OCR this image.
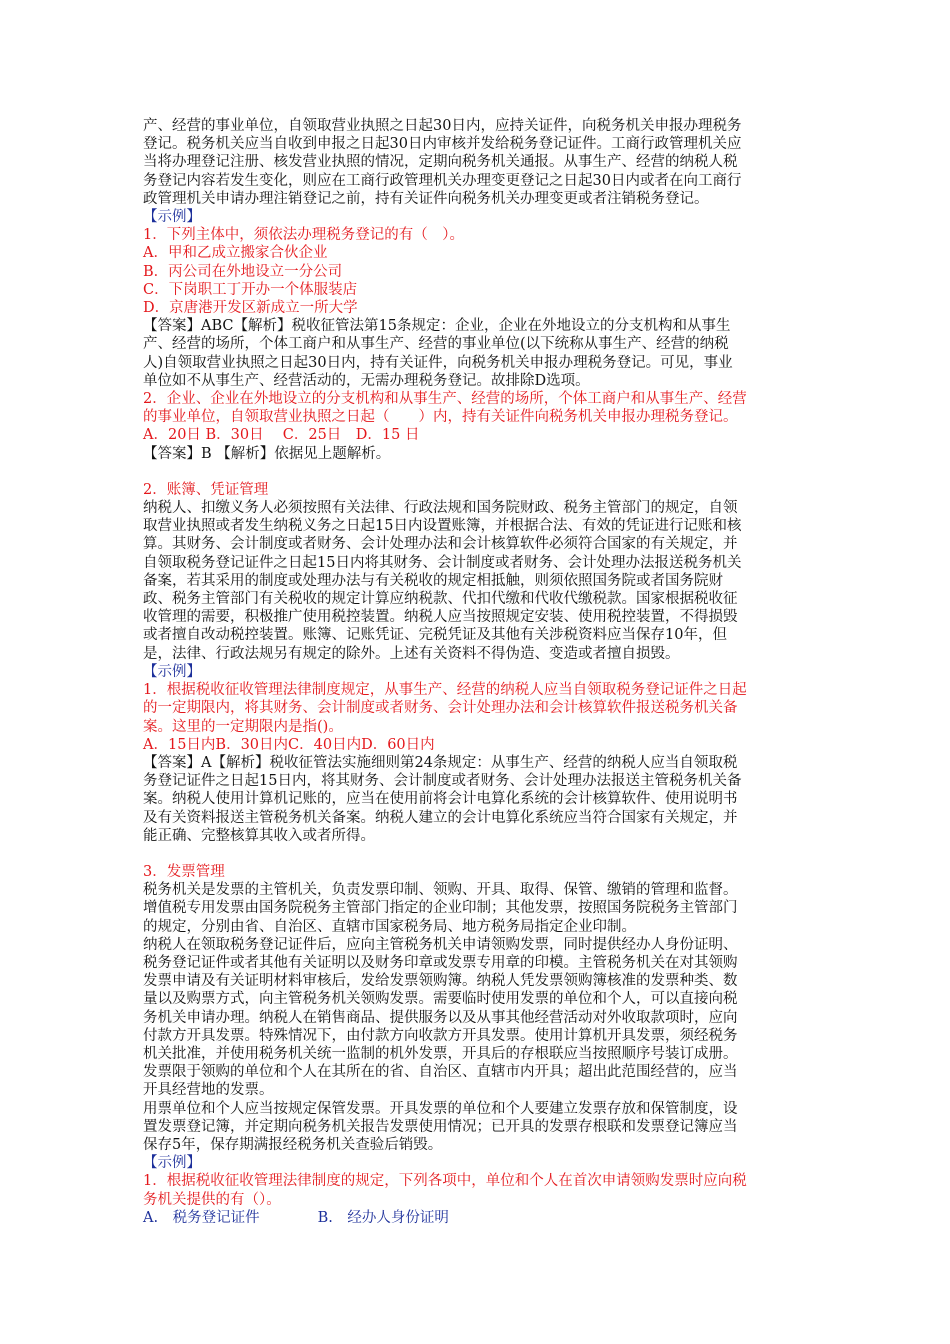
产、经营的事业单位，自领取营业执照之日起30日内，应持关证件，向税务机关申报办理税务
登记。税务机关应当自收到申报之日起30日内审核并发给税务登记证件。工商行政管理机关应
当将办理登记注册、核发营业执照的情况，定期向税务机关通报。从事生产、经营的纳税人税
务登记内容若发生变化，则应在工商行政管理机关办理变更登记之日起30日内或者在向工商行
政管理机关申请办理注销登记之前，持有关证件向税务机关办理变更或者注销税务登记。
【示例】
1．下列主体中，须依法办理税务登记的有（　）。
A．甲和乙成立搬家合伙企业
B．丙公司在外地设立一分公司
C．下岗职工丁开办一个体服装店
D．京唐港开发区新成立一所大学
【答案】ABC【解析】税收征管法第15条规定：企业，企业在外地设立的分支机构和从事生
产、经营的场所，个体工商户和从事生产、经营的事业单位(以下统称从事生产、经营的纳税
人)自领取营业执照之日起30日内，持有关证件，向税务机关申报办理税务登记。可见，事业
单位如不从事生产、经营活动的，无需办理税务登记。故排除D选项。
2．企业、企业在外地设立的分支机构和从事生产、经营的场所，个体工商户和从事生产、经营
的事业单位，自领取营业执照之日起（　　）内，持有关证件向税务机关申报办理税务登记。
A．20日 B．30日　 C．25日　D．15 日
【答案】B 【解析】依据见上题解析。
2．账簿、凭证管理
纳税人、扣缴义务人必须按照有关法律、行政法规和国务院财政、税务主管部门的规定，自领
取营业执照或者发生纳税义务之日起15日内设置账簿，并根据合法、有效的凭证进行记账和核
算。其财务、会计制度或者财务、会计处理办法和会计核算软件必须符合国家的有关规定，并
自领取税务登记证件之日起15日内将其财务、会计制度或者财务、会计处理办法报送税务机关
备案，若其采用的制度或处理办法与有关税收的规定相抵触，则须依照国务院或者国务院财
政、税务主管部门有关税收的规定计算应纳税款、代扣代缴和代收代缴税款。国家根据税收征
收管理的需要，积极推广使用税控装置。纳税人应当按照规定安装、使用税控装置，不得损毁
或者擅自改动税控装置。账簿、记账凭证、完税凭证及其他有关涉税资料应当保存10年，但
是，法律、行政法规另有规定的除外。上述有关资料不得伪造、变造或者擅自损毁。
【示例】
1．根据税收征收管理法律制度规定，从事生产、经营的纳税人应当自领取税务登记证件之日起
的一定期限内，将其财务、会计制度或者财务、会计处理办法和会计核算软件报送税务机关备
案。这里的一定期限内是指()。
A．15日内B．30日内C．40日内D．60日内
【答案】A【解析】税收征管法实施细则第24条规定：从事生产、经营的纳税人应当自领取税
务登记证件之日起15日内，将其财务、会计制度或者财务、会计处理办法报送主管税务机关备
案。纳税人使用计算机记账的，应当在使用前将会计电算化系统的会计核算软件、使用说明书
及有关资料报送主管税务机关备案。纳税人建立的会计电算化系统应当符合国家有关规定，并
能正确、完整核算其收入或者所得。
3．发票管理
税务机关是发票的主管机关，负责发票印制、领购、开具、取得、保管、缴销的管理和监督。
增值税专用发票由国务院税务主管部门指定的企业印制；其他发票，按照国务院税务主管部门
的规定，分别由省、自治区、直辖市国家税务局、地方税务局指定企业印制。
纳税人在领取税务登记证件后，应向主管税务机关申请领购发票，同时提供经办人身份证明、
税务登记证件或者其他有关证明以及财务印章或发票专用章的印模。主管税务机关在对其领购
发票申请及有关证明材料审核后，发给发票领购簿。纳税人凭发票领购簿核准的发票种类、数
量以及购票方式，向主管税务机关领购发票。需要临时使用发票的单位和个人，可以直接向税
务机关申请办理。纳税人在销售商品、提供服务以及从事其他经营活动对外收取款项时，应向
付款方开具发票。特殊情况下，由付款方向收款方开具发票。使用计算机开具发票，须经税务
机关批准，并使用税务机关统一监制的机外发票，开具后的存根联应当按照顺序号装订成册。
发票限于领购的单位和个人在其所在的省、自治区、直辖市内开具；超出此范围经营的，应当
开具经营地的发票。
用票单位和个人应当按规定保管发票。开具发票的单位和个人要建立发票存放和保管制度，设
置发票登记簿，并定期向税务机关报告发票使用情况；已开具的发票存根联和发票登记簿应当
保存5年，保存期满报经税务机关查验后销毁。
【示例】
1．根据税收征收管理法律制度的规定，下列各项中，单位和个人在首次申请领购发票时应向税
务机关提供的有（）。
A.　税务登记证件　　　　B.　经办人身份证明
